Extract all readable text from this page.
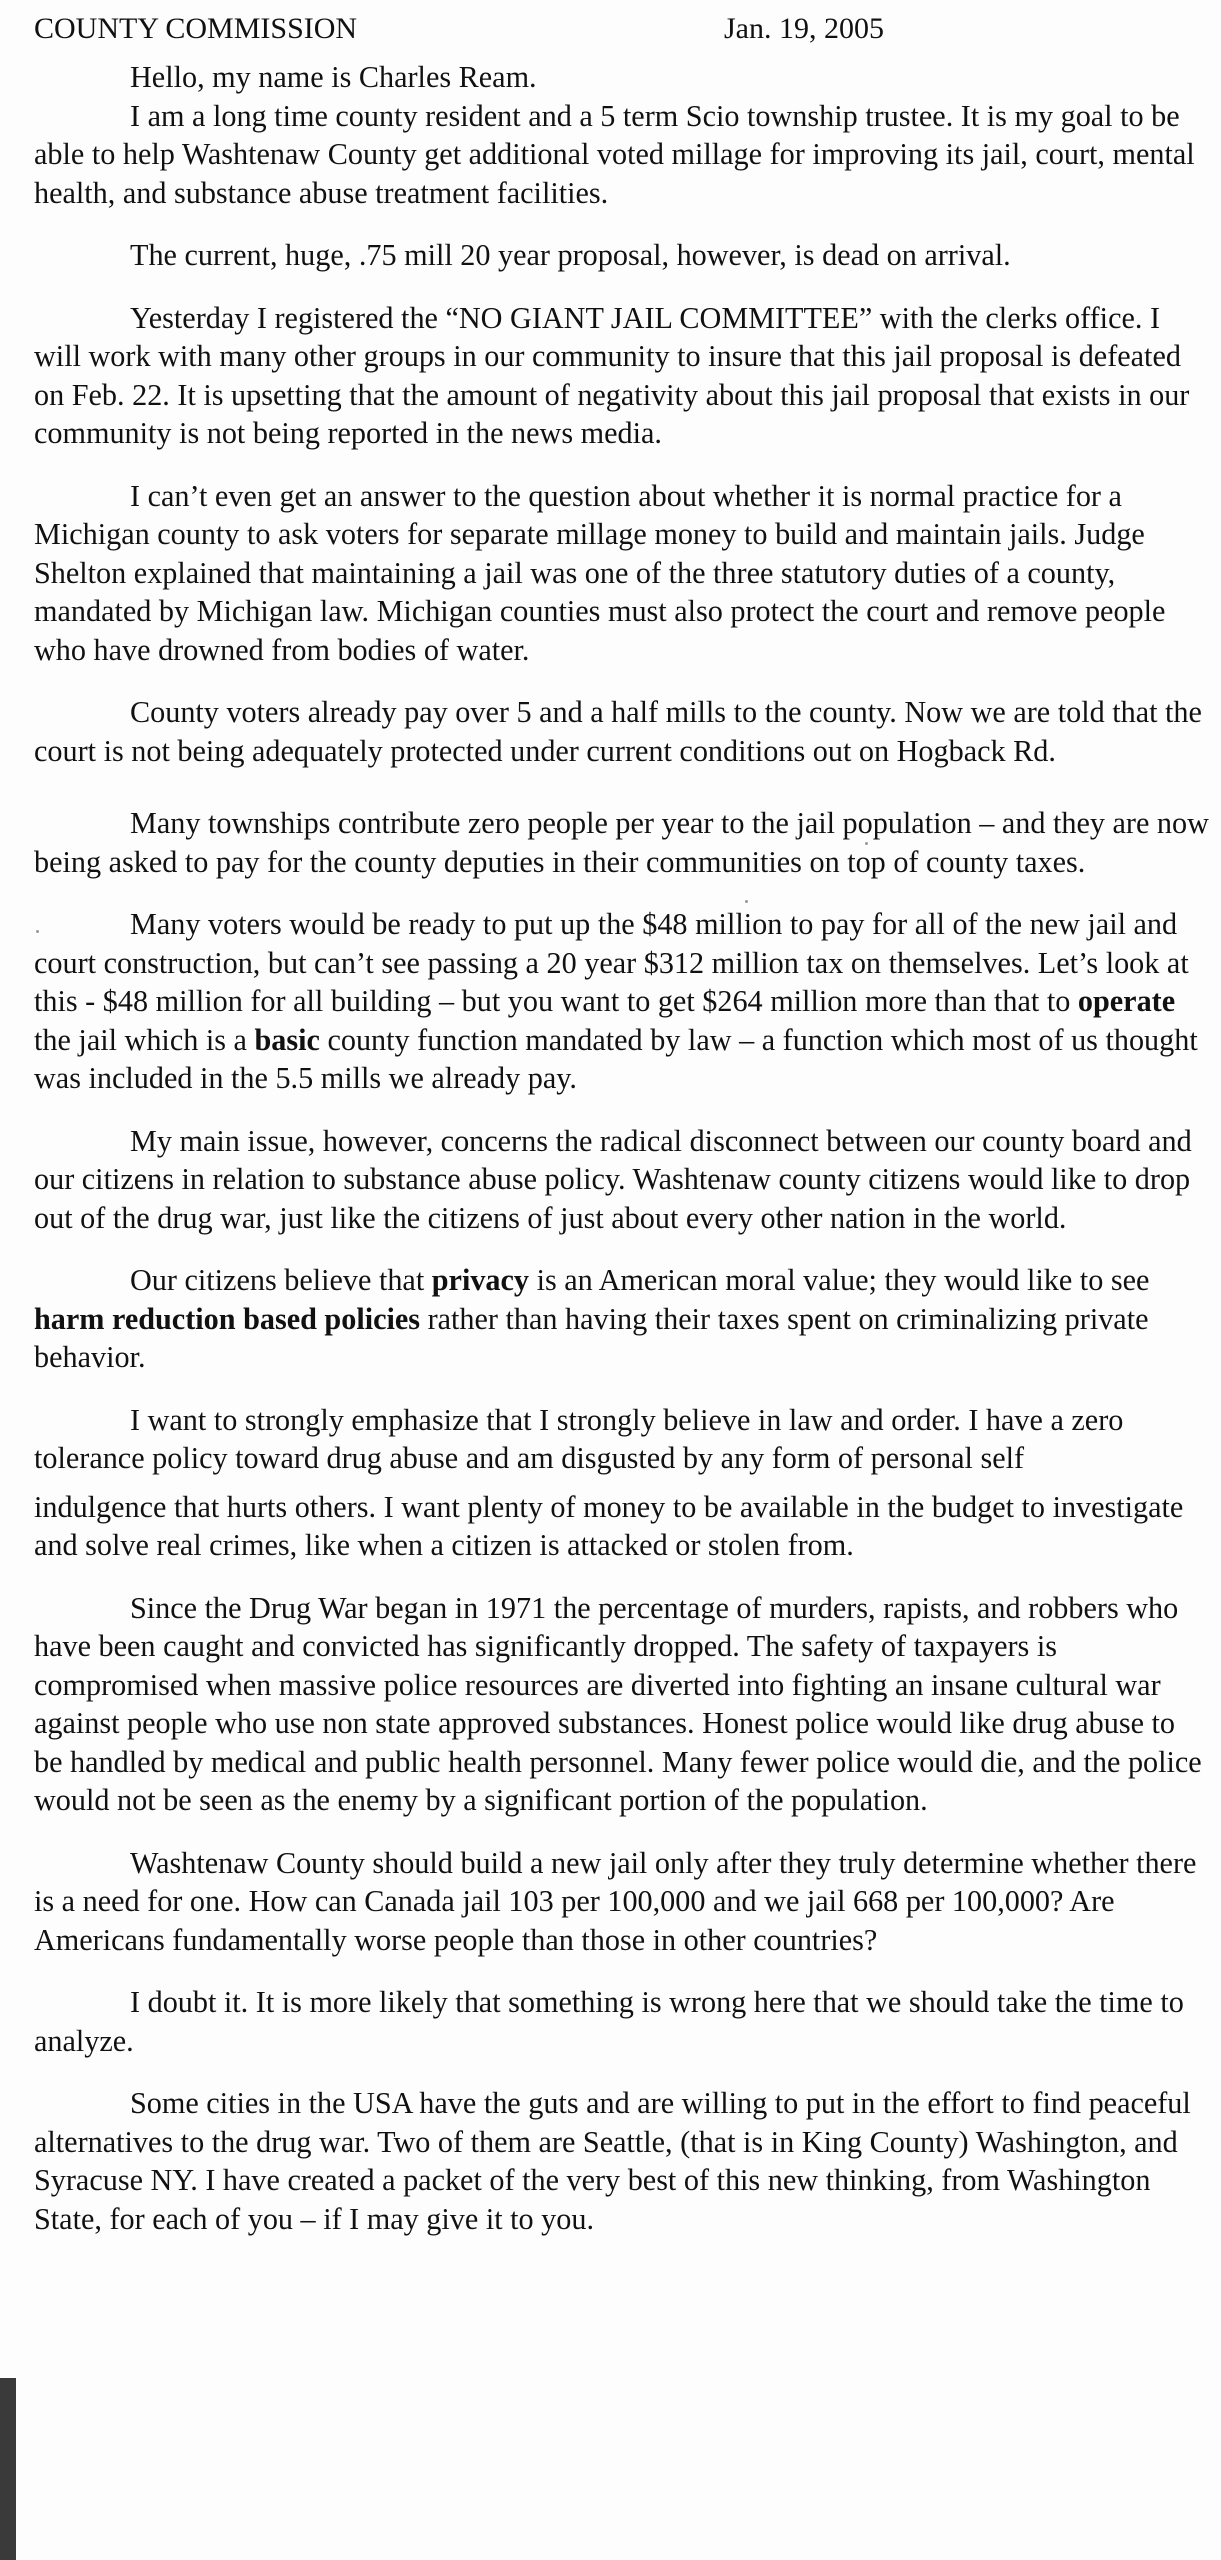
COUNTY COMMISSION	Jan. 19, 2005

Hello, my name is Charles Ream.

I am a long time county resident and a 5 term Scio township trustee. It is my goal to be able to help Washtenaw County get additional voted millage for improving its jail, court, mental health, and substance abuse treatment facilities.

The current, huge, .75 mill 20 year proposal, however, is dead on arrival.

Yesterday I registered the “NO GIANT JAIL COMMITTEE” with the clerks office. I will work with many other groups in our community to insure that this jail proposal is defeated on Feb. 22. It is upsetting that the amount of negativity about this jail proposal that exists in our community is not being reported in the news media.

I can’t even get an answer to the question about whether it is normal practice for a Michigan county to ask voters for separate millage money to build and maintain jails. Judge Shelton explained that maintaining a jail was one of the three statutory duties of a county, mandated by Michigan law. Michigan counties must also protect the court and remove people who have drowned from bodies of water.

County voters already pay over 5 and a half mills to the county. Now we are told that the court is not being adequately protected under current conditions out on Hogback Rd.

Many townships contribute zero people per year to the jail population – and they are now being asked to pay for the county deputies in their communities on top of county taxes.

Many voters would be ready to put up the $48 million to pay for all of the new jail and court construction, but can’t see passing a 20 year $312 million tax on themselves. Let’s look at this - $48 million for all building – but you want to get $264 million more than that to operate the jail which is a basic county function mandated by law – a function which most of us thought was included in the 5.5 mills we already pay.

My main issue, however, concerns the radical disconnect between our county board and our citizens in relation to substance abuse policy. Washtenaw county citizens would like to drop out of the drug war, just like the citizens of just about every other nation in the world.

Our citizens believe that privacy is an American moral value; they would like to see harm reduction based policies rather than having their taxes spent on criminalizing private behavior.

I want to strongly emphasize that I strongly believe in law and order. I have a zero tolerance policy toward drug abuse and am disgusted by any form of personal self

indulgence that hurts others. I want plenty of money to be available in the budget to investigate and solve real crimes, like when a citizen is attacked or stolen from.

Since the Drug War began in 1971 the percentage of murders, rapists, and robbers who have been caught and convicted has significantly dropped. The safety of taxpayers is compromised when massive police resources are diverted into fighting an insane cultural war against people who use non state approved substances. Honest police would like drug abuse to be handled by medical and public health personnel. Many fewer police would die, and the police would not be seen as the enemy by a significant portion of the population.

Washtenaw County should build a new jail only after they truly determine whether there is a need for one. How can Canada jail 103 per 100,000 and we jail 668 per 100,000? Are Americans fundamentally worse people than those in other countries?

I doubt it. It is more likely that something is wrong here that we should take the time to analyze.

Some cities in the USA have the guts and are willing to put in the effort to find peaceful alternatives to the drug war. Two of them are Seattle, (that is in King County) Washington, and Syracuse NY. I have created a packet of the very best of this new thinking, from Washington State, for each of you – if I may give it to you.
